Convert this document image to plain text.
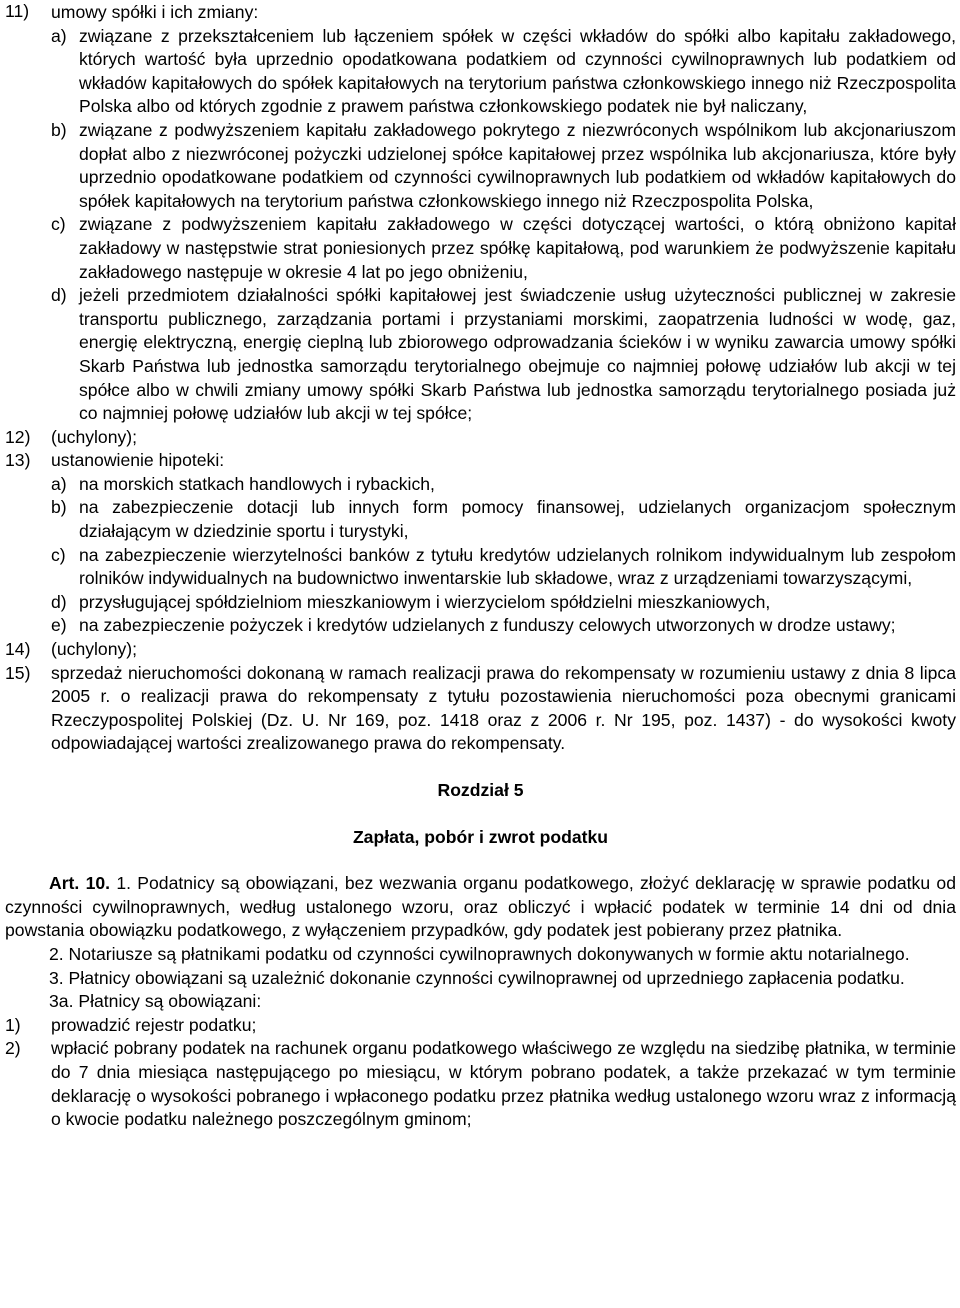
11) umowy spółki i ich zmiany:
a) związane z przekształceniem lub łączeniem spółek w części wkładów do spółki albo kapitału zakładowego, których wartość była uprzednio opodatkowana podatkiem od czynności cywilnoprawnych lub podatkiem od wkładów kapitałowych do spółek kapitałowych na terytorium państwa członkowskiego innego niż Rzeczpospolita Polska albo od których zgodnie z prawem państwa członkowskiego podatek nie był naliczany,
b) związane z podwyższeniem kapitału zakładowego pokrytego z niezwróconych wspólnikom lub akcjonariuszom dopłat albo z niezwróconej pożyczki udzielonej spółce kapitałowej przez wspólnika lub akcjonariusza, które były uprzednio opodatkowane podatkiem od czynności cywilnoprawnych lub podatkiem od wkładów kapitałowych do spółek kapitałowych na terytorium państwa członkowskiego innego niż Rzeczpospolita Polska,
c) związane z podwyższeniem kapitału zakładowego w części dotyczącej wartości, o którą obniżono kapitał zakładowy w następstwie strat poniesionych przez spółkę kapitałową, pod warunkiem że podwyższenie kapitału zakładowego następuje w okresie 4 lat po jego obniżeniu,
d) jeżeli przedmiotem działalności spółki kapitałowej jest świadczenie usług użyteczności publicznej w zakresie transportu publicznego, zarządzania portami i przystaniami morskimi, zaopatrzenia ludności w wodę, gaz, energię elektryczną, energię cieplną lub zbiorowego odprowadzania ścieków i w wyniku zawarcia umowy spółki Skarb Państwa lub jednostka samorządu terytorialnego obejmuje co najmniej połowę udziałów lub akcji w tej spółce albo w chwili zmiany umowy spółki Skarb Państwa lub jednostka samorządu terytorialnego posiada już co najmniej połowę udziałów lub akcji w tej spółce;
12) (uchylony);
13) ustanowienie hipoteki:
a) na morskich statkach handlowych i rybackich,
b) na zabezpieczenie dotacji lub innych form pomocy finansowej, udzielanych organizacjom społecznym działającym w dziedzinie sportu i turystyki,
c) na zabezpieczenie wierzytelności banków z tytułu kredytów udzielanych rolnikom indywidualnym lub zespołom rolników indywidualnych na budownictwo inwentarskie lub składowe, wraz z urządzeniami towarzyszącymi,
d) przysługującej spółdzielniom mieszkaniowym i wierzycielom spółdzielni mieszkaniowych,
e) na zabezpieczenie pożyczek i kredytów udzielanych z funduszy celowych utworzonych w drodze ustawy;
14) (uchylony);
15) sprzedaż nieruchomości dokonaną w ramach realizacji prawa do rekompensaty w rozumieniu ustawy z dnia 8 lipca 2005 r. o realizacji prawa do rekompensaty z tytułu pozostawienia nieruchomości poza obecnymi granicami Rzeczypospolitej Polskiej (Dz. U. Nr 169, poz. 1418 oraz z 2006 r. Nr 195, poz. 1437) - do wysokości kwoty odpowiadającej wartości zrealizowanego prawa do rekompensaty.
Rozdział 5
Zapłata, pobór i zwrot podatku
Art. 10. 1. Podatnicy są obowiązani, bez wezwania organu podatkowego, złożyć deklarację w sprawie podatku od czynności cywilnoprawnych, według ustalonego wzoru, oraz obliczyć i wpłacić podatek w terminie 14 dni od dnia powstania obowiązku podatkowego, z wyłączeniem przypadków, gdy podatek jest pobierany przez płatnika.
2. Notariusze są płatnikami podatku od czynności cywilnoprawnych dokonywanych w formie aktu notarialnego.
3. Płatnicy obowiązani są uzależnić dokonanie czynności cywilnoprawnej od uprzedniego zapłacenia podatku.
3a. Płatnicy są obowiązani:
1) prowadzić rejestr podatku;
2) wpłacić pobrany podatek na rachunek organu podatkowego właściwego ze względu na siedzibę płatnika, w terminie do 7 dnia miesiąca następującego po miesiącu, w którym pobrano podatek, a także przekazać w tym terminie deklarację o wysokości pobranego i wpłaconego podatku przez płatnika według ustalonego wzoru wraz z informacją o kwocie podatku należnego poszczególnym gminom;
